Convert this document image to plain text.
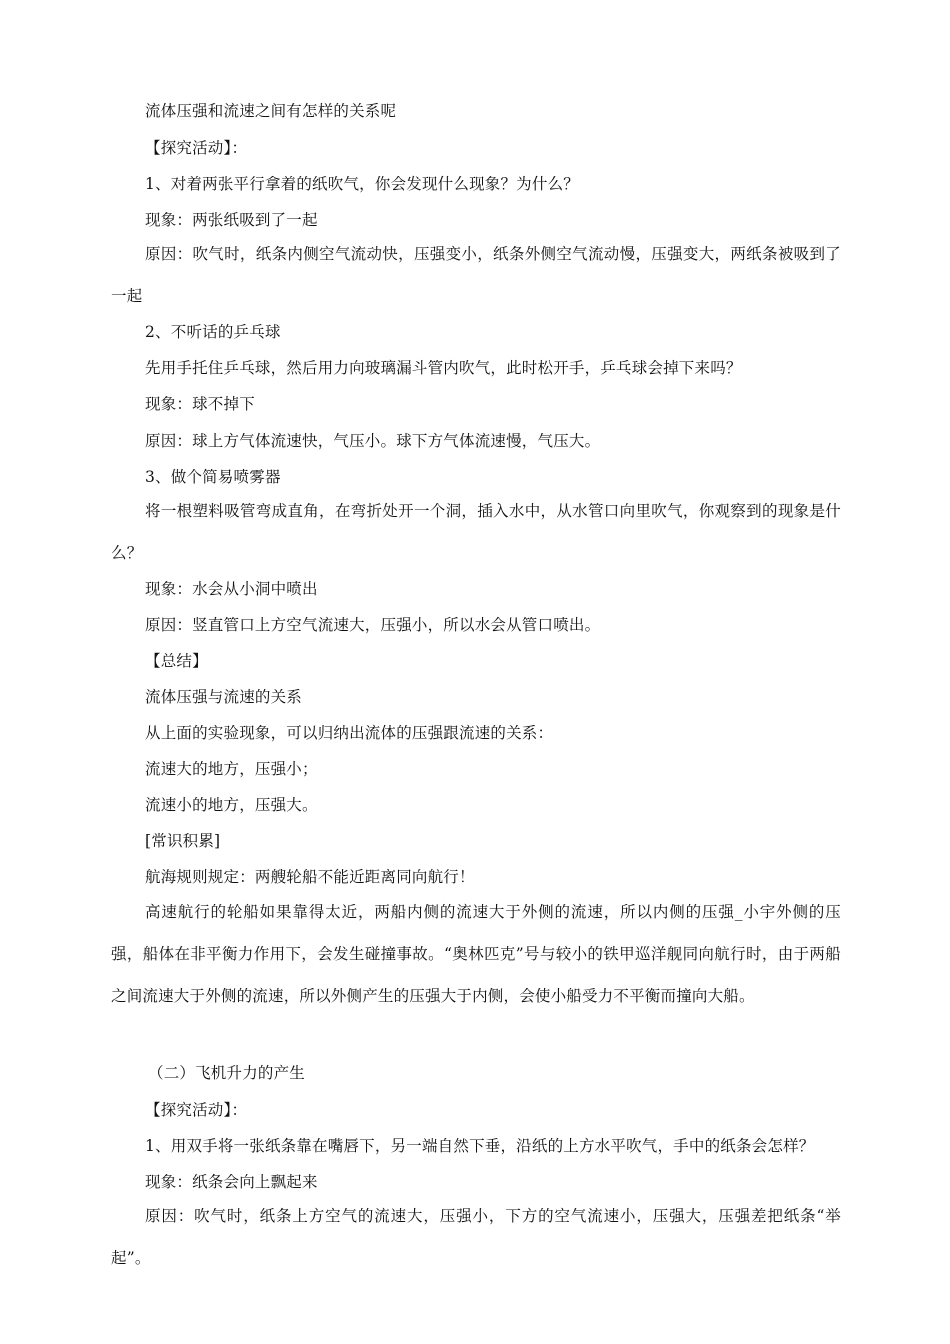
流体压强和流速之间有怎样的关系呢
【探究活动】：
1、对着两张平行拿着的纸吹气，你会发现什么现象？为什么？
现象：两张纸吸到了一起
原因：吹气时，纸条内侧空气流动快，压强变小，纸条外侧空气流动慢，压强变大，两纸条被吸到了一起
2、不听话的乒乓球
先用手托住乒乓球，然后用力向玻璃漏斗管内吹气，此时松开手，乒乓球会掉下来吗？
现象：球不掉下
原因：球上方气体流速快，气压小。球下方气体流速慢，气压大。
3、做个简易喷雾器
将一根塑料吸管弯成直角，在弯折处开一个洞，插入水中，从水管口向里吹气，你观察到的现象是什么？
现象：水会从小洞中喷出
原因：竖直管口上方空气流速大，压强小，所以水会从管口喷出。
【总结】
流体压强与流速的关系
从上面的实验现象，可以归纳出流体的压强跟流速的关系：
流速大的地方，压强小；
流速小的地方，压强大。
[常识积累]
航海规则规定：两艘轮船不能近距离同向航行！
高速航行的轮船如果靠得太近，两船内侧的流速大于外侧的流速，所以内侧的压强_小宇外侧的压强，船体在非平衡力作用下，会发生碰撞事故。“奥林匹克”号与较小的铁甲巡洋舰同向航行时，由于两船之间流速大于外侧的流速，所以外侧产生的压强大于内侧，会使小船受力不平衡而撞向大船。
（二）飞机升力的产生
【探究活动】：
1、用双手将一张纸条靠在嘴唇下，另一端自然下垂，沿纸的上方水平吹气，手中的纸条会怎样？
现象：纸条会向上飘起来
原因：吹气时，纸条上方空气的流速大，压强小，下方的空气流速小，压强大，压强差把纸条“举起”。
